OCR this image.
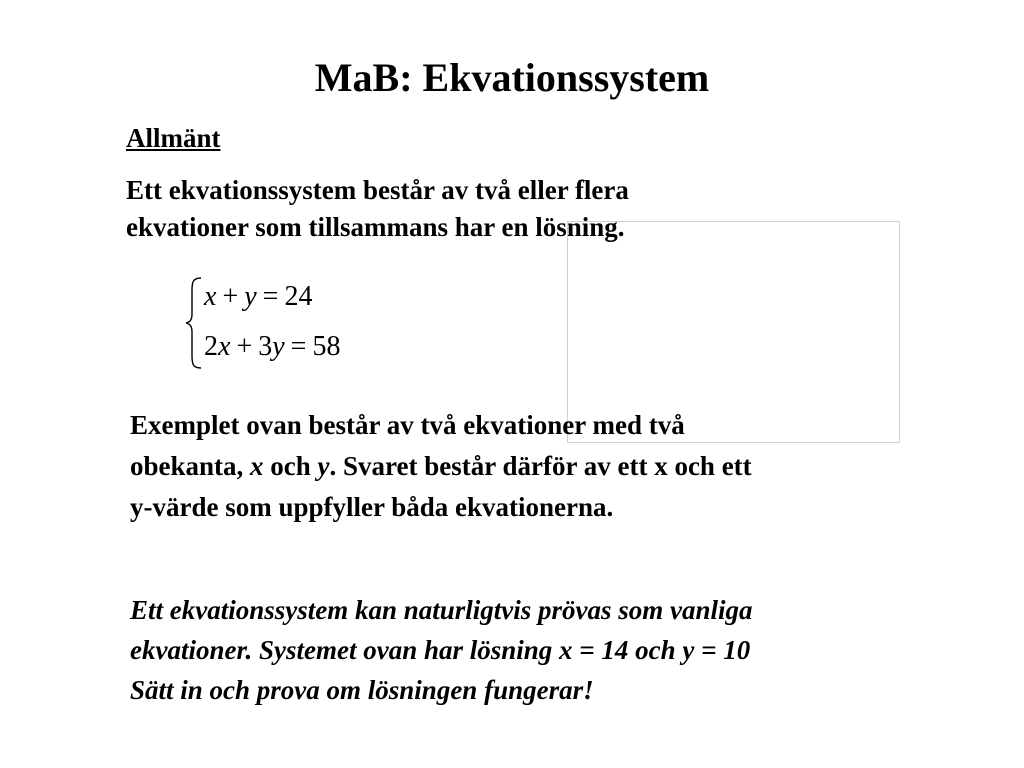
MaB: Ekvationssystem
Allmänt
Ett ekvationssystem består av två eller flera
ekvationer som tillsammans har en lösning.
x + y = 24
2x + 3y = 58
Exemplet ovan består av två ekvationer med två
obekanta, x och y. Svaret består därför av ett x och ett
y-värde som uppfyller båda ekvationerna.
Ett ekvationssystem kan naturligtvis prövas som vanliga
ekvationer. Systemet ovan har lösning x = 14 och y = 10
Sätt in och prova om lösningen fungerar!
